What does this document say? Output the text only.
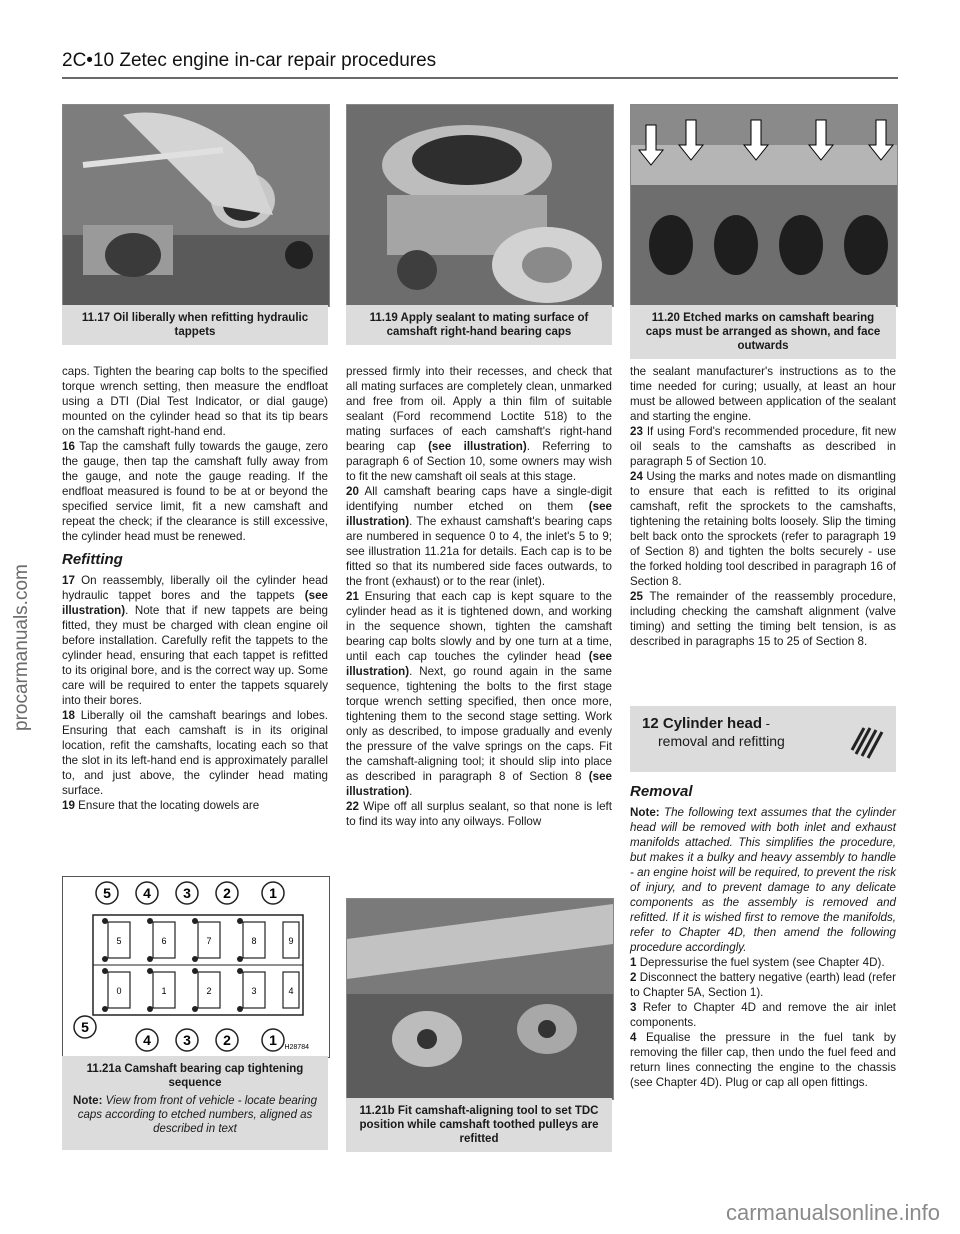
2C•10 Zetec engine in-car repair procedures
procarmanuals.com
11.17 Oil liberally when refitting hydraulic tappets
11.19 Apply sealant to mating surface of camshaft right-hand bearing caps
11.20 Etched marks on camshaft bearing caps must be arranged as shown, and face outwards

caps. Tighten the bearing cap bolts to the specified torque wrench setting, then measure the endfloat using a DTI (Dial Test Indicator, or dial gauge) mounted on the cylinder head so that its tip bears on the camshaft right-hand end.

16 Tap the camshaft fully towards the gauge, zero the gauge, then tap the camshaft fully away from the gauge, and note the gauge reading. If the endfloat measured is found to be at or beyond the specified service limit, fit a new camshaft and repeat the check; if the clearance is still excessive, the cylinder head must be renewed.

Refitting

17 On reassembly, liberally oil the cylinder head hydraulic tappet bores and the tappets (see illustration). Note that if new tappets are being fitted, they must be charged with clean engine oil before installation. Carefully refit the tappets to the cylinder head, ensuring that each tappet is refitted to its original bore, and is the correct way up. Some care will be required to enter the tappets squarely into their bores.

18 Liberally oil the camshaft bearings and lobes. Ensuring that each camshaft is in its original location, refit the camshafts, locating each so that the slot in its left-hand end is approximately parallel to, and just above, the cylinder head mating surface.

19 Ensure that the locating dowels are

pressed firmly into their recesses, and check that all mating surfaces are completely clean, unmarked and free from oil. Apply a thin film of suitable sealant (Ford recommend Loctite 518) to the mating surfaces of each camshaft's right-hand bearing cap (see illustration). Referring to paragraph 6 of Section 10, some owners may wish to fit the new camshaft oil seals at this stage.

20 All camshaft bearing caps have a single-digit identifying number etched on them (see illustration). The exhaust camshaft's bearing caps are numbered in sequence 0 to 4, the inlet's 5 to 9; see illustration 11.21a for details. Each cap is to be fitted so that its numbered side faces outwards, to the front (exhaust) or to the rear (inlet).

21 Ensuring that each cap is kept square to the cylinder head as it is tightened down, and working in the sequence shown, tighten the camshaft bearing cap bolts slowly and by one turn at a time, until each cap touches the cylinder head (see illustration). Next, go round again in the same sequence, tightening the bolts to the first stage torque wrench setting specified, then once more, tightening them to the second stage setting. Work only as described, to impose gradually and evenly the pressure of the valve springs on the caps. Fit the camshaft-aligning tool; it should slip into place as described in paragraph 8 of Section 8 (see illustration).

22 Wipe off all surplus sealant, so that none is left to find its way into any oilways. Follow

the sealant manufacturer's instructions as to the time needed for curing; usually, at least an hour must be allowed between application of the sealant and starting the engine.

23 If using Ford's recommended procedure, fit new oil seals to the camshafts as described in paragraph 5 of Section 10.

24 Using the marks and notes made on dismantling to ensure that each is refitted to its original camshaft, refit the sprockets to the camshafts, tightening the retaining bolts loosely. Slip the timing belt back onto the sprockets (refer to paragraph 19 of Section 8) and tighten the bolts securely - use the forked holding tool described in paragraph 16 of Section 8.

25 The remainder of the reassembly procedure, including checking the camshaft alignment (valve timing) and setting the timing belt tension, is as described in paragraphs 15 to 25 of Section 8.

12 Cylinder head -
removal and refitting
Removal

Note: The following text assumes that the cylinder head will be removed with both inlet and exhaust manifolds attached. This simplifies the procedure, but makes it a bulky and heavy assembly to handle - an engine hoist will be required, to prevent the risk of injury, and to prevent damage to any delicate components as the assembly is removed and refitted. If it is wished first to remove the manifolds, refer to Chapter 4D, then amend the following procedure accordingly.

1 Depressurise the fuel system (see Chapter 4D).

2 Disconnect the battery negative (earth) lead (refer to Chapter 5A, Section 1).

3 Refer to Chapter 4D and remove the air inlet components.

4 Equalise the pressure in the fuel tank by removing the filler cap, then undo the fuel feed and return lines connecting the engine to the chassis (see Chapter 4D). Plug or cap all open fittings.

5 4 3 2	1
5
4 3 2	1
5	6	7	8	9
0	1	2	3	4
H28784
11.21a Camshaft bearing cap tightening sequence
Note: View from front of vehicle - locate bearing caps according to etched numbers, aligned as described in text
11.21b Fit camshaft-aligning tool to set TDC position while camshaft toothed pulleys are refitted
carmanualsonline.info
